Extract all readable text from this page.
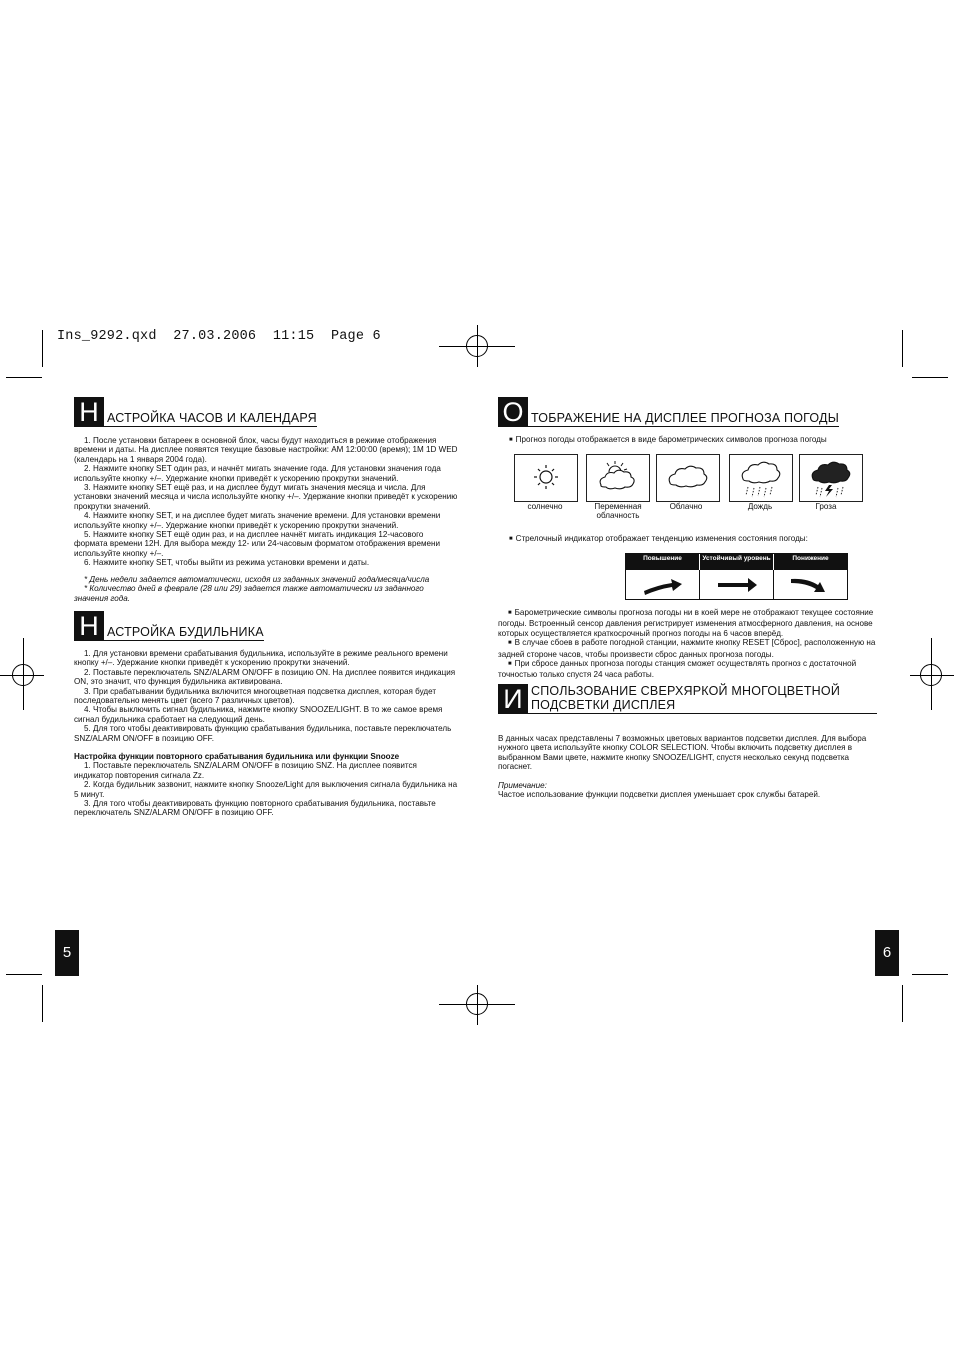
Ins_9292.qxd  27.03.2006  11:15  Page 6
Н АСТРОЙКА ЧАСОВ И КАЛЕНДАРЯ

1. После установки батареек в основной блок, часы будут находиться в режиме отображения времени и даты. На дисплее появятся текущие базовые настройки: AM 12:00:00 (время); 1M 1D WED (календарь на 1 января 2004 года).

2. Нажмите кнопку SET один раз, и начнёт мигать значение года. Для установки значения года используйте кнопку +/–. Удержание кнопки приведёт к ускорению прокрутки значений.

3. Нажмите кнопку SET ещё раз, и на дисплее будут мигать значения месяца и числа. Для установки значений месяца и числа используйте кнопку +/–. Удержание кнопки приведёт к ускорению прокрутки значений.

4. Нажмите кнопку SET, и на дисплее будет мигать значение времени. Для установки времени используйте кнопку +/–. Удержание кнопки приведёт к ускорению прокрутки значений.

5. Нажмите кнопку SET ещё один раз, и на дисплее начнёт мигать индикация 12-часового формата времени 12H. Для выбора между 12- или 24-часовым форматом отображения времени используйте кнопку +/–.

6. Нажмите кнопку SET, чтобы выйти из режима установки времени и даты.

* День недели задается автоматически, исходя из заданных значений года/месяца/числа

* Количество дней в феврале (28 или 29) задается также автоматически из заданного значения года.

Н АСТРОЙКА БУДИЛЬНИКА

1. Для установки времени срабатывания будильника, используйте в режиме реального времени кнопку +/–. Удержание кнопки приведёт к ускорению прокрутки значений.

2. Поставьте переключатель SNZ/ALARM ON/OFF в позицию ON. На дисплее появится индикация ON, это значит, что функция будильника активирована.

3. При срабатывании будильника включится многоцветная подсветка дисплея, которая будет последовательно менять цвет (всего 7 различных цветов).

4. Чтобы выключить сигнал будильника, нажмите кнопку SNOOZE/LIGHT. В то же самое время сигнал будильника сработает на следующий день.

5. Для того чтобы деактивировать функцию срабатывания будильника, поставьте переключатель SNZ/ALARM ON/OFF в позицию OFF.

Настройка функции повторного срабатывания будильника или функции Snooze

1. Поставьте переключатель SNZ/ALARM ON/OFF в позицию SNZ. На дисплее появится индикатор повторения сигнала Zz.

2. Когда будильник зазвонит, нажмите кнопку Snooze/Light для выключения сигнала будильника на 5 минут.

3. Для того чтобы деактивировать функцию повторного срабатывания будильника, поставьте переключатель SNZ/ALARM ON/OFF в позицию OFF.

5
О ТОБРАЖЕНИЕ НА ДИСПЛЕЕ ПРОГНОЗА ПОГОДЫ
■ Прогноз погоды отображается в виде барометрических символов прогноза погоды
солнечно	Переменная облачность
Облачно	Дождь	Гроза
■ Стрелочный индикатор отображает тенденцию изменения состояния погоды:
Повышение	Устойчивый уровень	Понижение

■ Барометрические символы прогноза погоды ни в коей мере не отображают текущее состояние погоды. Встроенный сенсор давления регистрирует изменения атмосферного давления, на основе которых осуществляется краткосрочный прогноз погоды на 6 часов вперёд.

■ В случае сбоев в работе погодной станции, нажмите кнопку RESET [Сброс], расположенную на задней стороне часов, чтобы произвести сброс данных прогноза погоды.

■ При сбросе данных прогноза погоды станция сможет осуществлять прогноз с достаточной точностью только спустя 24 часа работы.

И СПОЛЬЗОВАНИЕ СВЕРХЯРКОЙ МНОГОЦВЕТНОЙ ПОДСВЕТКИ ДИСПЛЕЯ
В данных часах представлены 7 возможных цветовых вариантов подсветки дисплея. Для выбора нужного цвета используйте кнопку COLOR SELECTION. Чтобы включить подсветку дисплея в выбранном Вами цвете, нажмите кнопку SNOOZE/LIGHT, спустя несколько секунд подсветка погаснет.

Примечание:

Частое использование функции подсветки дисплея уменьшает срок службы батарей.

6
